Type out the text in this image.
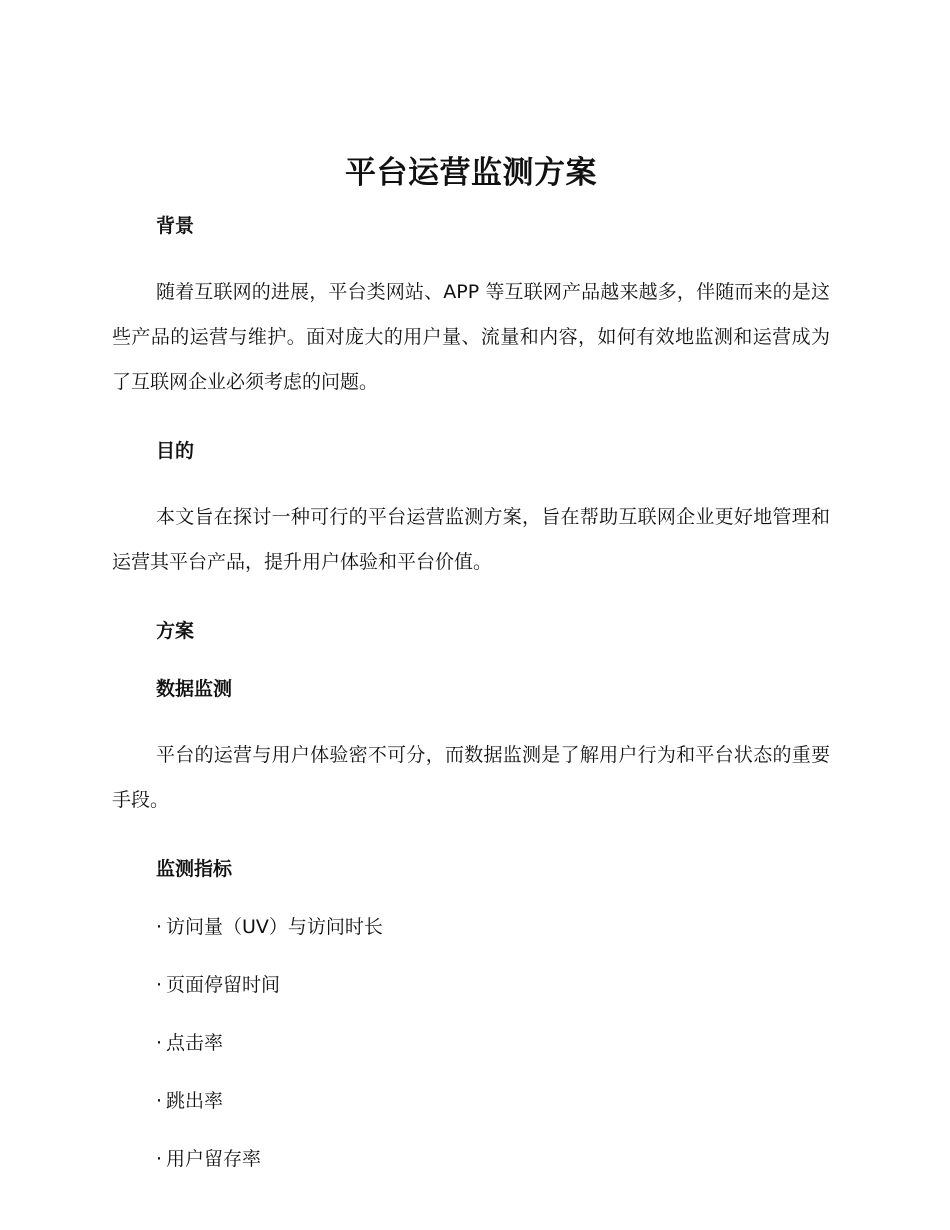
平台运营监测方案
背景

随着互联网的进展，平台类网站、APP 等互联网产品越来越多，伴随而来的是这些产品的运营与维护。面对庞大的用户量、流量和内容，如何有效地监测和运营成为了互联网企业必须考虑的问题。

目的

本文旨在探讨一种可行的平台运营监测方案，旨在帮助互联网企业更好地管理和运营其平台产品，提升用户体验和平台价值。

方案
数据监测

平台的运营与用户体验密不可分，而数据监测是了解用户行为和平台状态的重要手段。

监测指标

· 访问量（UV）与访问时长

· 页面停留时间

· 点击率

· 跳出率

· 用户留存率
